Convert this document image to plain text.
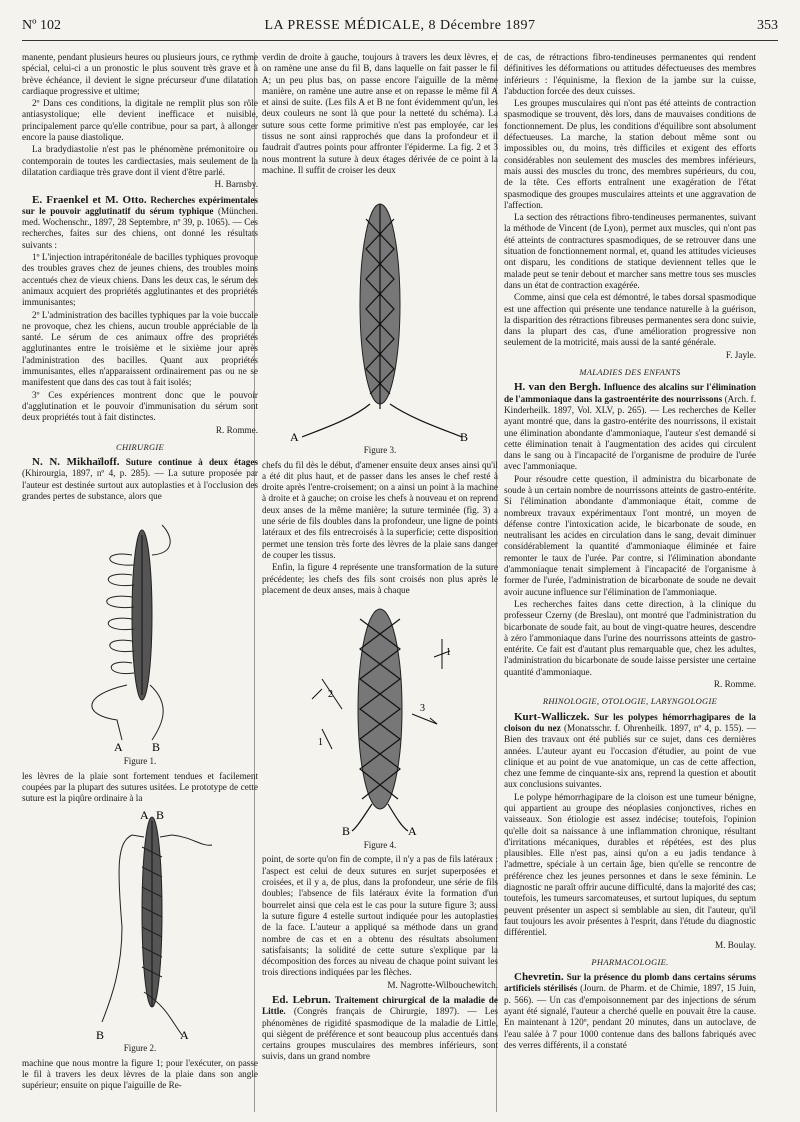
Nº 102	LA PRESSE MÉDICALE, 8 Décembre 1897	353

manente, pendant plusieurs heures ou plusieurs jours, ce rythme spécial, celui-ci a un pronostic le plus souvent très grave et à brève échéance, il devient le signe précurseur d'une dilatation cardiaque progressive et ultime;

2º Dans ces conditions, la digitale ne remplit plus son rôle antiasystolique; elle devient inefficace et nuisible, principalement parce qu'elle contribue, pour sa part, à allonger encore la pause diastolique.

La bradydiastolie n'est pas le phénomène prémonitoire ou contemporain de toutes les cardiectasies, mais seulement de la dilatation cardiaque très grave dont il vient d'être parlé.

H. Barnsby.

E. Fraenkel et M. Otto. Recherches expérimentales sur le pouvoir agglutinatif du sérum typhique (München. med. Wochenschr., 1897, 28 Septembre, nº 39, p. 1065). — Ces recherches, faites sur des chiens, ont donné les résultats suivants :

1º L'injection intrapéritonéale de bacilles typhiques provoque des troubles graves chez de jeunes chiens, des troubles moins accentués chez de vieux chiens. Dans les deux cas, le sérum des animaux acquiert des propriétés agglutinantes et des propriétés immunisantes;

2º L'administration des bacilles typhiques par la voie buccale ne provoque, chez les chiens, aucun trouble appréciable de la santé. Le sérum de ces animaux offre des propriétés agglutinantes entre le troisième et le sixième jour après l'administration des bacilles. Quant aux propriétés immunisantes, elles n'apparaissent ordinairement pas ou ne se manifestent que dans des cas tout à fait isolés;

3º Ces expériences montrent donc que le pouvoir d'agglutination et le pouvoir d'immunisation du sérum sont deux propriétés tout à fait distinctes.

R. Romme.

CHIRURGIE

N. N. Mikhaïloff. Suture continue à deux étages (Khirourgia, 1897, nº 4, p. 285). — La suture proposée par l'auteur est destinée surtout aux autoplasties et à l'occlusion des grandes pertes de substance, alors que

A B
Figure 1.

les lèvres de la plaie sont fortement tendues et facilement coupées par la plupart des sutures usitées. Le prototype de cette suture est la piqûre ordinaire à la

A B
B	A
Figure 2.

machine que nous montre la figure 1; pour l'exécuter, on passe le fil à travers les deux lèvres de la plaie dans son angle supérieur; ensuite on pique l'aiguille de Re-

verdin de droite à gauche, toujours à travers les deux lèvres, et on ramène une anse du fil B, dans laquelle on fait passer le fil A; un peu plus bas, on passe encore l'aiguille de la même manière, on ramène une autre anse et on repasse le même fil A et ainsi de suite. (Les fils A et B ne font évidemment qu'un, les deux couleurs ne sont là que pour la netteté du schéma). La suture sous cette forme primitive n'est pas employée, car les tissus ne sont ainsi rapprochés que dans la profondeur et il faudrait d'autres points pour affronter l'épiderme. La fig. 2 et 3 nous montrent la suture à deux étages dérivée de ce point à la machine. Il suffit de croiser les deux

A	B
Figure 3.

chefs du fil dès le début, d'amener ensuite deux anses ainsi qu'il a été dit plus haut, et de passer dans les anses le chef resté à droite après l'entre-croisement; on a ainsi un point à la machine à droite et à gauche; on croise les chefs à nouveau et on reprend deux anses de la même manière; la suture terminée (fig. 3) a une série de fils doubles dans la profondeur, une ligne de points latéraux et des fils entrecroisés à la superficie; cette disposition permet une tension très forte des lèvres de la plaie sans danger de couper les tissus.

Enfin, la figure 4 représente une transformation de la suture précédente; les chefs des fils sont croisés non plus après le placement de deux anses, mais à chaque

1
2
3
1
B	A
Figure 4.

point, de sorte qu'on fin de compte, il n'y a pas de fils latéraux : l'aspect est celui de deux sutures en surjet superposées et croisées, et il y a, de plus, dans la profondeur, une série de fils doubles; l'absence de fils latéraux évite la formation d'un bourrelet ainsi que cela est le cas pour la suture figure 3; aussi la suture figure 4 estelle surtout indiquée pour les autoplasties de la face. L'auteur a appliqué sa méthode dans un grand nombre de cas et en a obtenu des résultats absolument satisfaisants; la solidité de cette suture s'explique par la décomposition des forces au niveau de chaque point suivant les trois directions indiquées par les flèches.

M. Nagrotte-Wilbouchewitch.

Ed. Lebrun. Traitement chirurgical de la maladie de Little. (Congrès français de Chirurgie, 1897). — Les phénomènes de rigidité spasmodique de la maladie de Little, qui siègent de préférence et sont beaucoup plus accentués dans certains groupes musculaires des membres inférieurs, sont suivis, dans un grand nombre

de cas, de rétractions fibro-tendineuses permanentes qui rendent définitives les déformations ou attitudes défectueuses des membres inférieurs : l'équinisme, la flexion de la jambe sur la cuisse, l'abduction forcée des deux cuisses.

Les groupes musculaires qui n'ont pas été atteints de contraction spasmodique se trouvent, dès lors, dans de mauvaises conditions de fonctionnement. De plus, les conditions d'équilibre sont absolument défectueuses. La marche, la station debout même sont ou impossibles ou, du moins, très difficiles et exigent des efforts considérables non seulement des muscles des membres inférieurs, mais aussi des muscles du tronc, des membres supérieurs, du cou, de la tête. Ces efforts entraînent une exagération de l'état spasmodique des groupes musculaires atteints et une aggravation de l'affection.

La section des rétractions fibro-tendineuses permanentes, suivant la méthode de Vincent (de Lyon), permet aux muscles, qui n'ont pas été atteints de contractures spasmodiques, de se retrouver dans une situation de fonctionnement normal, et, quand les attitudes vicieuses ont disparu, les conditions de statique deviennent telles que le malade peut se tenir debout et marcher sans mettre tous ses muscles dans un état de contraction exagérée.

Comme, ainsi que cela est démontré, le tabes dorsal spasmodique est une affection qui présente une tendance naturelle à la guérison, la disparition des rétractions fibreuses permanentes sera donc suivie, dans la plupart des cas, d'une amélioration progressive non seulement de la motricité, mais aussi de la santé générale.

F. Jayle.

MALADIES DES ENFANTS

H. van den Bergh. Influence des alcalins sur l'élimination de l'ammoniaque dans la gastroentérite des nourrissons (Arch. f. Kinderheilk. 1897, Vol. XLV, p. 265). — Les recherches de Keller ayant montré que, dans la gastro-entérite des nourrissons, il existait une élimination abondante d'ammoniaque, l'auteur s'est demandé si cette élimination tenait à l'augmentation des acides qui circulent dans le sang ou à l'incapacité de l'organisme de produire de l'urée avec l'ammoniaque.

Pour résoudre cette question, il administra du bicarbonate de soude à un certain nombre de nourrissons atteints de gastro-entérite. Si l'élimination abondante d'ammoniaque était, comme de nombreux travaux expérimentaux l'ont montré, un moyen de défense contre l'intoxication acide, le bicarbonate de soude, en neutralisant les acides en circulation dans le sang, devait diminuer considérablement la quantité d'ammoniaque éliminée et faire remonter le taux de l'urée. Par contre, si l'élimination abondante d'ammoniaque tenait simplement à l'incapacité de l'organisme à former de l'urée, l'administration de bicarbonate de soude ne devait avoir aucune influence sur l'élimination de l'ammoniaque.

Les recherches faites dans cette direction, à la clinique du professeur Czerny (de Breslau), ont montré que l'administration du bicarbonate de soude fait, au bout de vingt-quatre heures, descendre à zéro l'ammoniaque dans l'urine des nourrissons atteints de gastro-entérite. Ce fait est d'autant plus remarquable que, chez les adultes, l'administration du bicarbonate de soude laisse persister une certaine quantité d'ammoniaque.

R. Romme.

RHINOLOGIE, OTOLOGIE, LARYNGOLOGIE

Kurt-Walliczek. Sur les polypes hémorrhagipares de la cloison du nez (Monatsschr. f. Ohrenheilk. 1897, nº 4, p. 155). — Bien des travaux ont été publiés sur ce sujet, dans ces dernières années. L'auteur ayant eu l'occasion d'étudier, au point de vue clinique et au point de vue anatomique, un cas de cette affection, chez une femme de cinquante-six ans, reprend la question et aboutit aux conclusions suivantes.

Le polype hémorrhagipare de la cloison est une tumeur bénigne, qui appartient au groupe des néoplasies conjonctives, riches en vaisseaux. Son étiologie est assez indécise; toutefois, l'opinion qu'elle doit sa naissance à une inflammation chronique, résultant d'irritations mécaniques, durables et répétées, est des plus plausibles. Elle n'est pas, ainsi qu'on a eu jadis tendance à l'admettre, spéciale à un certain âge, bien qu'elle se rencontre de préférence chez les jeunes personnes et dans le sexe féminin. Le diagnostic ne paraît offrir aucune difficulté, dans la majorité des cas; toutefois, les tumeurs sarcomateuses, et surtout lupiques, du septum peuvent présenter un aspect si semblable au sien, dit l'auteur, qu'il faut toujours les avoir présentes à l'esprit, dans l'étude du diagnostic différentiel.

M. Boulay.

PHARMACOLOGIE.

Chevretin. Sur la présence du plomb dans certains sérums artificiels stérilisés (Journ. de Pharm. et de Chimie, 1897, 15 Juin, p. 566). — Un cas d'empoisonnement par des injections de sérum ayant été signalé, l'auteur a cherché quelle en pouvait être la cause. En maintenant à 120º, pendant 20 minutes, dans un autoclave, de l'eau salée à 7 pour 1000 contenue dans des ballons fabriqués avec des verres différents, il a constaté
